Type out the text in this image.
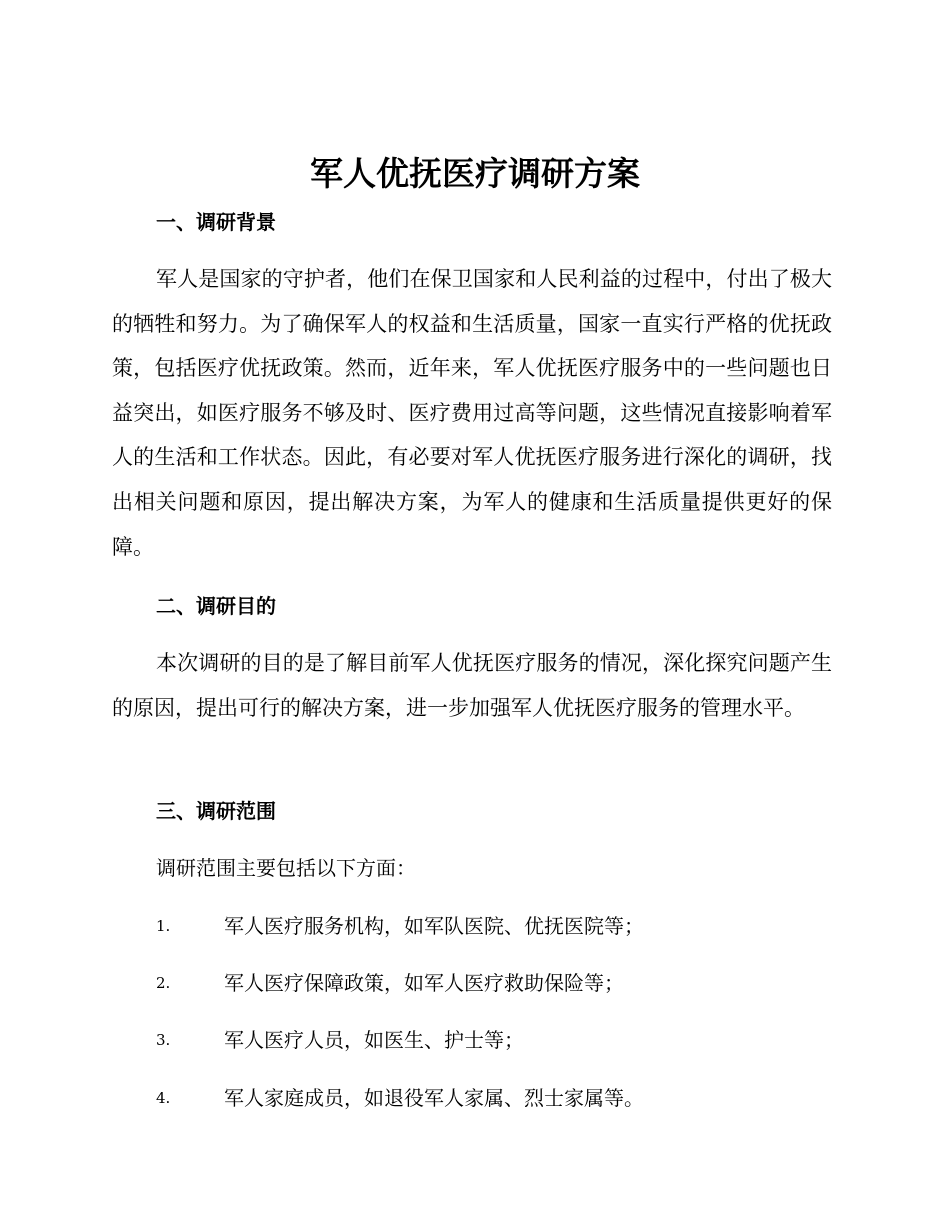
军人优抚医疗调研方案
一、调研背景
军人是国家的守护者，他们在保卫国家和人民利益的过程中，付出了极大的牺牲和努力。为了确保军人的权益和生活质量，国家一直实行严格的优抚政策，包括医疗优抚政策。然而，近年来，军人优抚医疗服务中的一些问题也日益突出，如医疗服务不够及时、医疗费用过高等问题，这些情况直接影响着军人的生活和工作状态。因此，有必要对军人优抚医疗服务进行深化的调研，找出相关问题和原因，提出解决方案，为军人的健康和生活质量提供更好的保障。
二、调研目的
本次调研的目的是了解目前军人优抚医疗服务的情况，深化探究问题产生的原因，提出可行的解决方案，进一步加强军人优抚医疗服务的管理水平。
三、调研范围
调研范围主要包括以下方面：
1.	军人医疗服务机构，如军队医院、优抚医院等；
2.	军人医疗保障政策，如军人医疗救助保险等；
3.	军人医疗人员，如医生、护士等；
4.	军人家庭成员，如退役军人家属、烈士家属等。
